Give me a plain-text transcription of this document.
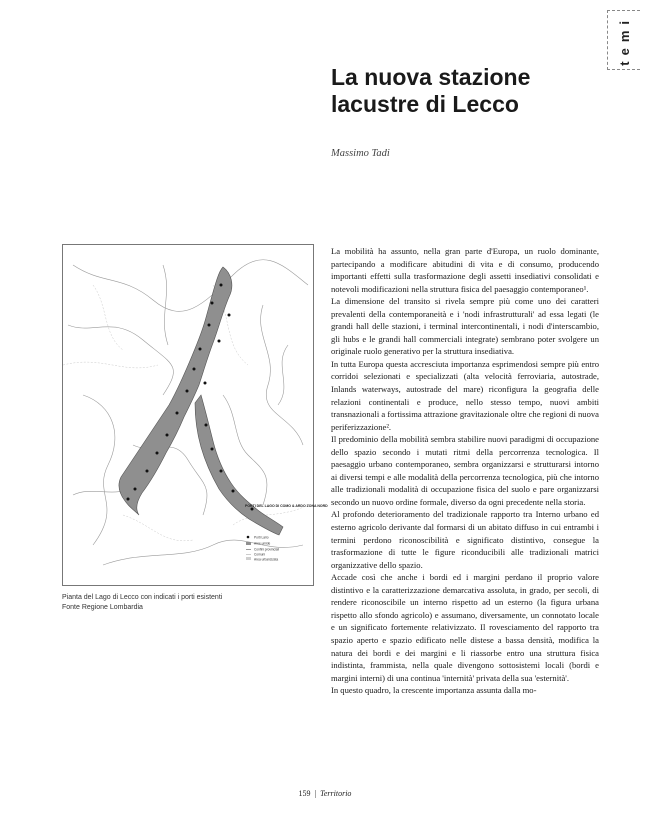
temi
La nuova stazione
lacustre di Lecco
Massimo Tadi
PORTI DEL LAGO DI COMO & ARDO ZONA NORD
Porti Lario
Aree umide
Confini provinciali
Comuni
Area urbanizzata
Pianta del Lago di Lecco con indicati i porti esistenti
Fonte Regione Lombardia

La mobilità ha assunto, nella gran parte d'Europa, un ruolo dominante, partecipando a modificare abitudini di vita e di consumo, producendo importanti effetti sulla trasformazione degli assetti insediativi consolidati e notevoli modificazioni nella struttura fisica del paesaggio contemporaneo¹.

La dimensione del transito si rivela sempre più come uno dei caratteri prevalenti della contemporaneità e i 'nodi infrastrutturali' ad essa legati (le grandi hall delle stazioni, i terminal intercontinentali, i nodi d'interscambio, gli hubs e le grandi hall commerciali integrate) sembrano poter svolgere un originale ruolo generativo per la struttura insediativa.

In tutta Europa questa accresciuta importanza esprimendosi sempre più entro corridoi selezionati e specializzati (alta velocità ferroviaria, autostrade, Inlands waterways, autostrade del mare) riconfigura la geografia delle relazioni continentali e produce, nello stesso tempo, nuovi ambiti transnazionali a fortissima attrazione gravitazionale oltre che regioni di nuova periferizzazione².

Il predominio della mobilità sembra stabilire nuovi paradigmi di occupazione dello spazio secondo i mutati ritmi della percorrenza tecnologica. Il paesaggio urbano contemporaneo, sembra organizzarsi e strutturarsi intorno ai diversi tempi e alle modalità della percorrenza tecnologica, più che intorno alle tradizionali modalità di occupazione fisica del suolo e pare organizzarsi secondo un nuovo ordine formale, diverso da ogni precedente nella storia.

Al profondo deterioramento del tradizionale rapporto tra Interno urbano ed esterno agricolo derivante dal formarsi di un abitato diffuso in cui entrambi i termini perdono riconoscibilità e significato distintivo, consegue la trasformazione di tutte le figure riconducibili alle tradizionali matrici organizzative dello spazio.

Accade così che anche i bordi ed i margini perdano il proprio valore distintivo e la caratterizzazione demarcativa assoluta, in grado, per secoli, di rendere riconoscibile un interno rispetto ad un esterno (la figura urbana rispetto allo sfondo agricolo) e assumano, diversamente, un connotato locale e un significato fortemente relativizzato. Il rovesciamento del rapporto tra spazio aperto e spazio edificato nelle distese a bassa densità, modifica la natura dei bordi e dei margini e li riassorbe entro una struttura fisica indistinta, frammista, nella quale divengono sottosistemi locali (bordi e margini interni) di una continua 'internità' privata della sua 'esternità'.

In questo quadro, la crescente importanza assunta dalla mo-

159 | Territorio
